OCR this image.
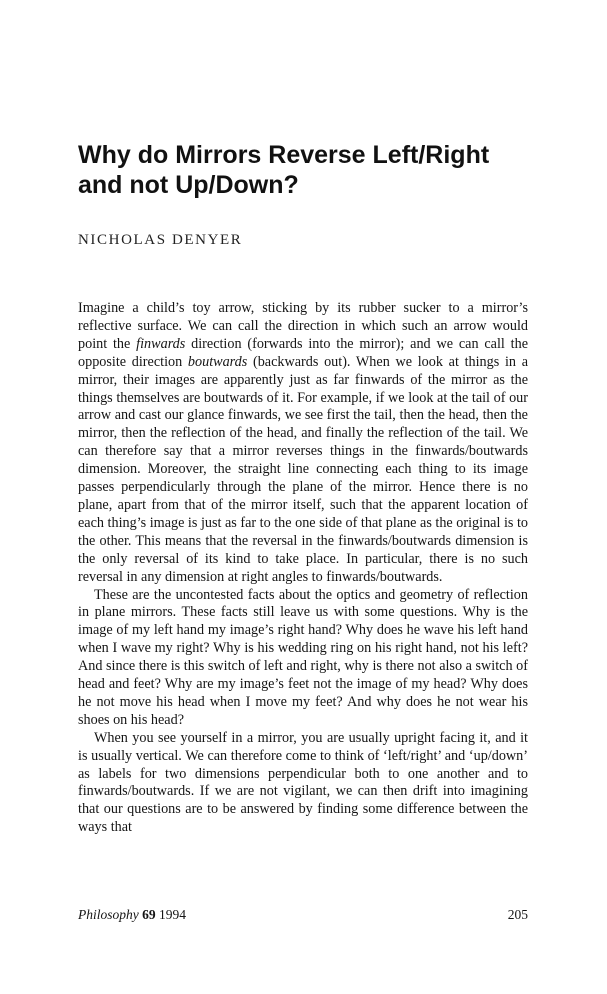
Why do Mirrors Reverse Left/Right
and not Up/Down?

NICHOLAS DENYER

Imagine a child’s toy arrow, sticking by its rubber sucker to a mirror’s reflective surface. We can call the direction in which such an arrow would point the finwards direction (forwards into the mirror); and we can call the opposite direction boutwards (backwards out). When we look at things in a mirror, their images are apparently just as far finwards of the mirror as the things themselves are boutwards of it. For example, if we look at the tail of our arrow and cast our glance finwards, we see first the tail, then the head, then the mirror, then the reflection of the head, and finally the reflection of the tail. We can therefore say that a mirror reverses things in the finwards/boutwards dimension. Moreover, the straight line connecting each thing to its image passes perpendicularly through the plane of the mirror. Hence there is no plane, apart from that of the mirror itself, such that the apparent location of each thing’s image is just as far to the one side of that plane as the original is to the other. This means that the reversal in the finwards/boutwards dimension is the only reversal of its kind to take place. In particular, there is no such reversal in any dimension at right angles to finwards/boutwards.

These are the uncontested facts about the optics and geometry of reflection in plane mirrors. These facts still leave us with some questions. Why is the image of my left hand my image’s right hand? Why does he wave his left hand when I wave my right? Why is his wedding ring on his right hand, not his left? And since there is this switch of left and right, why is there not also a switch of head and feet? Why are my image’s feet not the image of my head? Why does he not move his head when I move my feet? And why does he not wear his shoes on his head?

When you see yourself in a mirror, you are usually upright facing it, and it is usually vertical. We can therefore come to think of ‘left/right’ and ‘up/down’ as labels for two dimensions perpendicular both to one another and to finwards/boutwards. If we are not vigilant, we can then drift into imagining that our questions are to be answered by finding some difference between the ways that

Philosophy 69 1994	205
